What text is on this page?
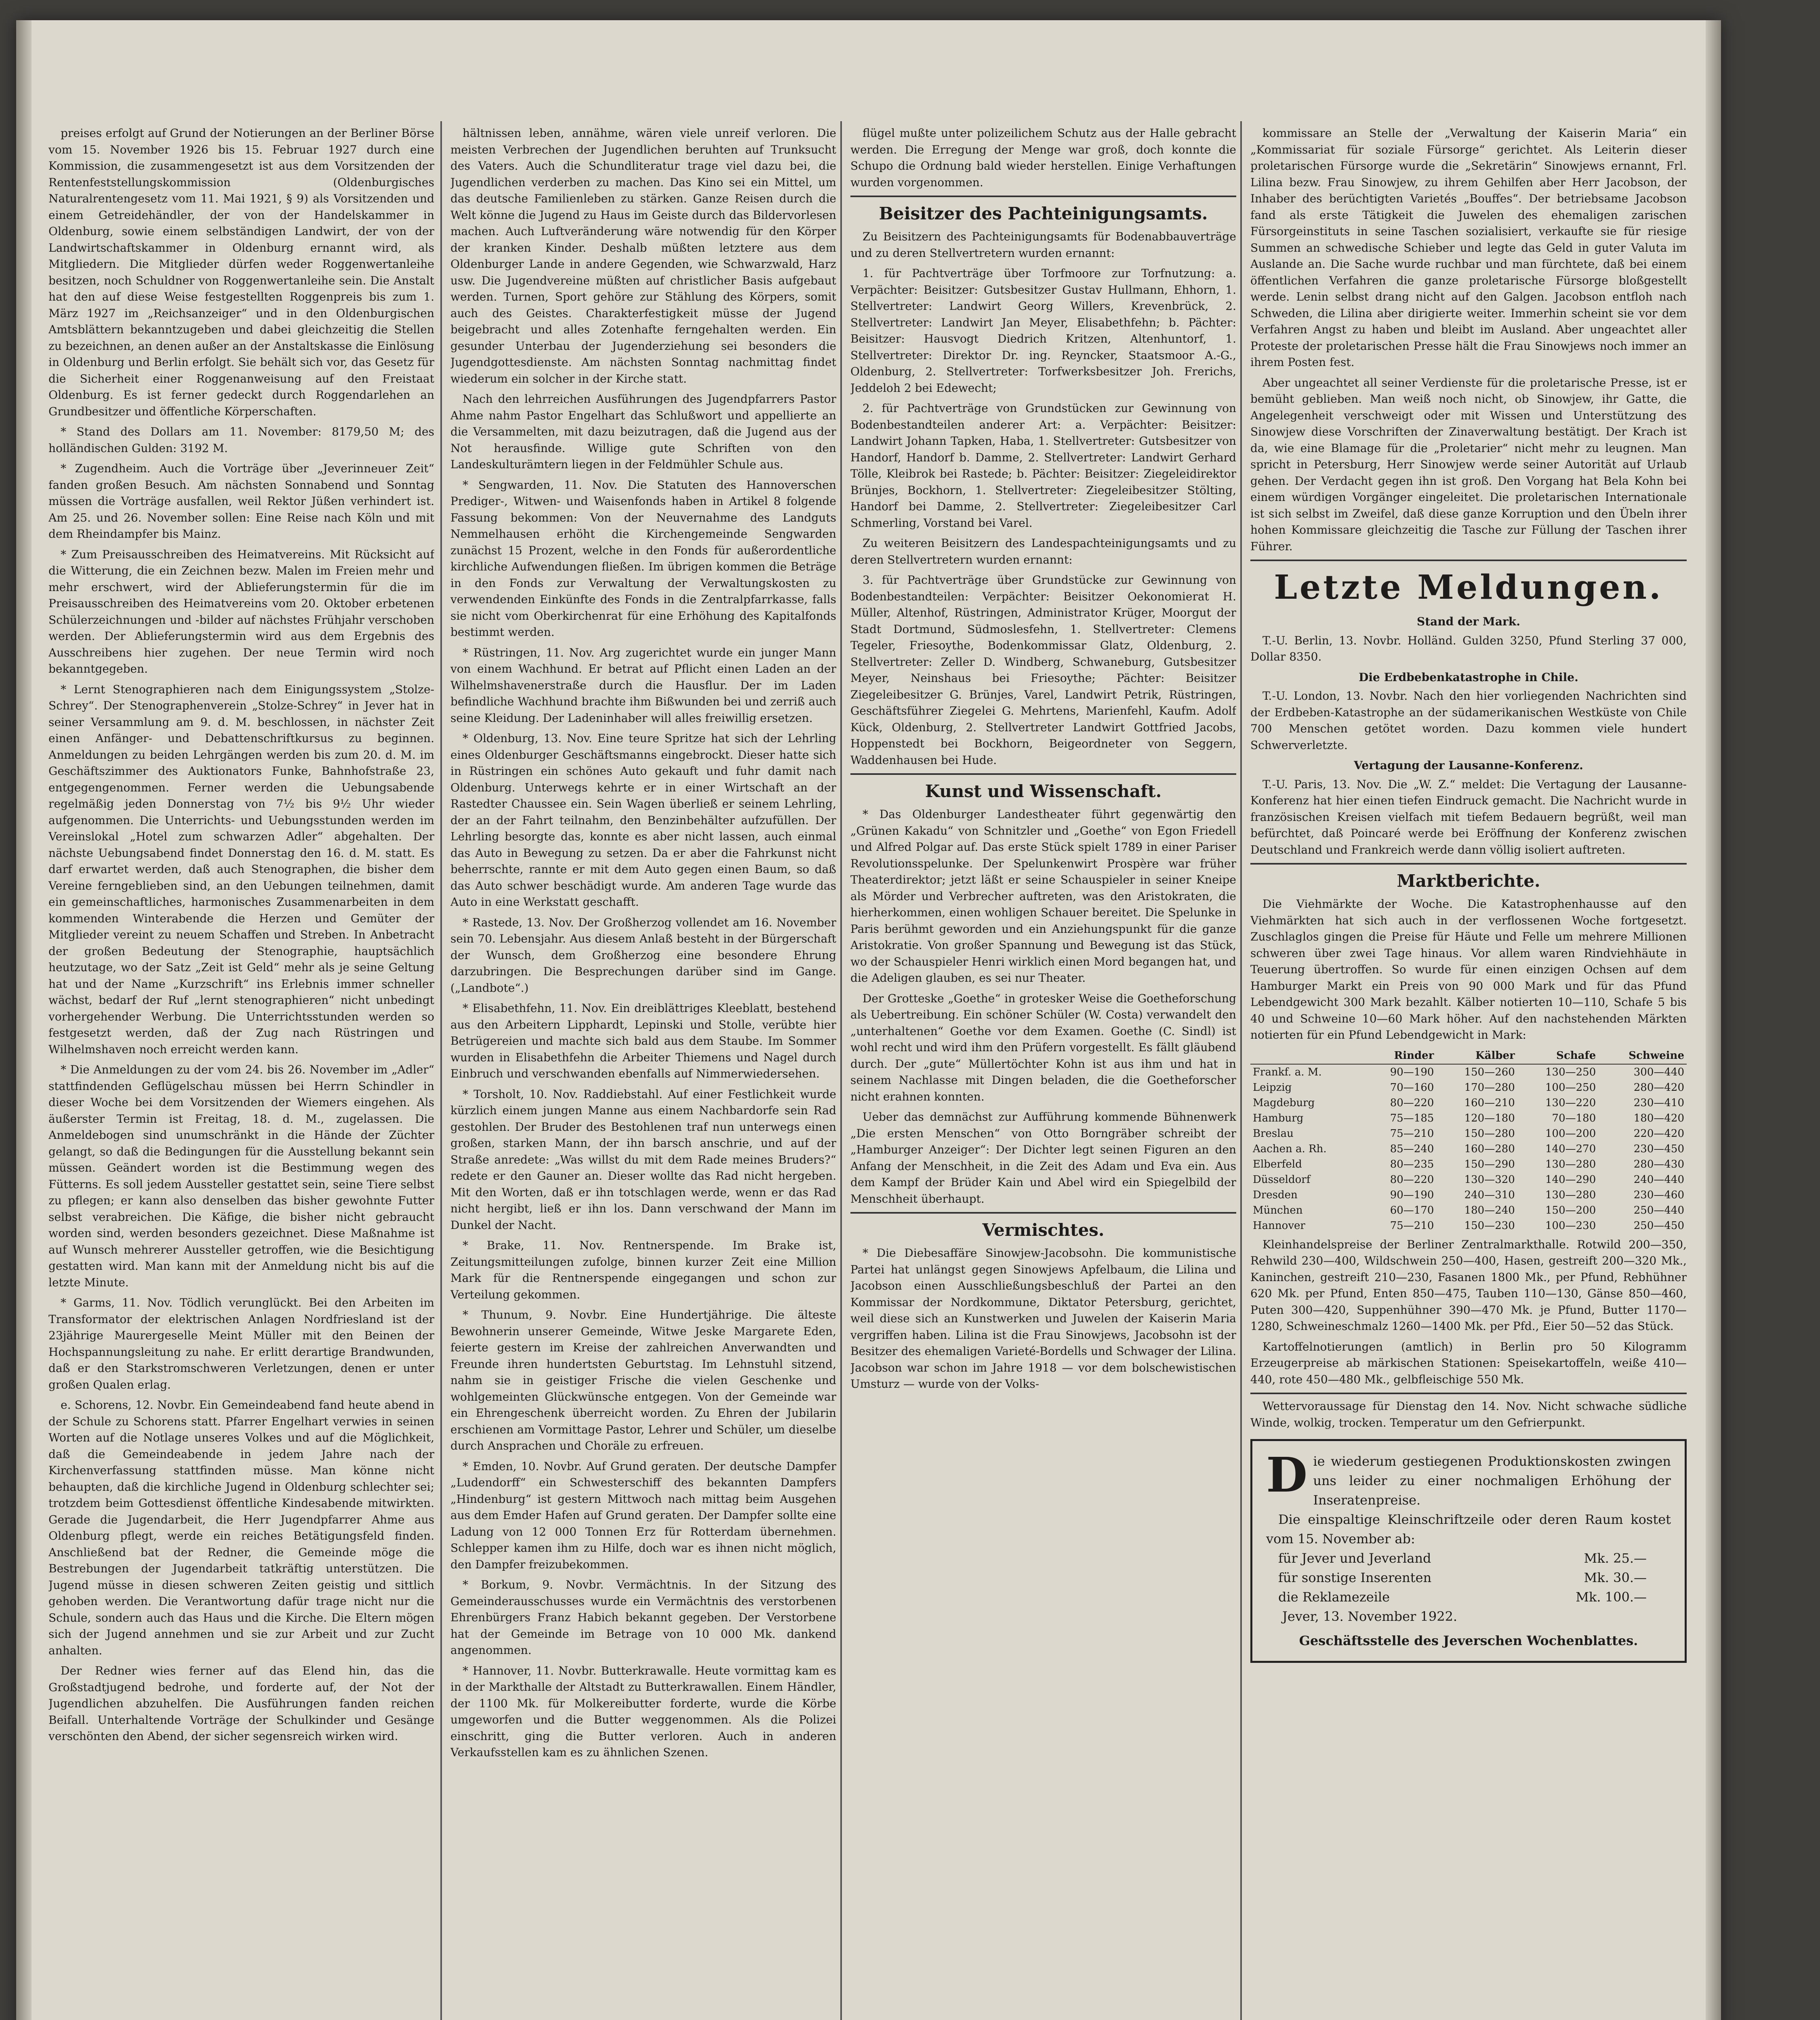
preises erfolgt auf Grund der Notierungen an der Berliner Börse vom 15. November 1926 bis 15. Februar 1927 durch eine Kommission, die zusammengesetzt ist aus dem Vorsitzenden der Rentenfeststellungskommission (Oldenburgisches Naturalrentengesetz vom 11. Mai 1921, § 9) als Vorsitzenden und einem Getreidehändler, der von der Handelskammer in Oldenburg, sowie einem selbständigen Landwirt, der von der Landwirtschaftskammer in Oldenburg ernannt wird, als Mitgliedern. Die Mitglieder dürfen weder Roggenwertanleihe besitzen, noch Schuldner von Roggenwertanleihe sein. Die Anstalt hat den auf diese Weise festgestellten Roggenpreis bis zum 1. März 1927 im „Reichsanzeiger“ und in den Oldenburgischen Amtsblättern bekanntzugeben und dabei gleichzeitig die Stellen zu bezeichnen, an denen außer an der Anstaltskasse die Einlösung in Oldenburg und Berlin erfolgt. Sie behält sich vor, das Gesetz für die Sicherheit einer Roggenanweisung auf den Freistaat Oldenburg. Es ist ferner gedeckt durch Roggendarlehen an Grundbesitzer und öffentliche Körperschaften.

* Stand des Dollars am 11. November: 8179,50 M; des holländischen Gulden: 3192 M.

* Zugendheim. Auch die Vorträge über „Jeverinneuer Zeit“ fanden großen Besuch. Am nächsten Sonnabend und Sonntag müssen die Vorträge ausfallen, weil Rektor Jüßen verhindert ist. Am 25. und 26. November sollen: Eine Reise nach Köln und mit dem Rheindampfer bis Mainz.

* Zum Preisausschreiben des Heimatvereins. Mit Rücksicht auf die Witterung, die ein Zeichnen bezw. Malen im Freien mehr und mehr erschwert, wird der Ablieferungstermin für die im Preisausschreiben des Heimatvereins vom 20. Oktober erbetenen Schülerzeichnungen und -bilder auf nächstes Frühjahr verschoben werden. Der Ablieferungstermin wird aus dem Ergebnis des Ausschreibens hier zugehen. Der neue Termin wird noch bekanntgegeben.

* Lernt Stenographieren nach dem Einigungssystem „Stolze-Schrey“. Der Stenographenverein „Stolze-Schrey“ in Jever hat in seiner Versammlung am 9. d. M. beschlossen, in nächster Zeit einen Anfänger- und Debattenschriftkursus zu beginnen. Anmeldungen zu beiden Lehrgängen werden bis zum 20. d. M. im Geschäftszimmer des Auktionators Funke, Bahnhofstraße 23, entgegengenommen. Ferner werden die Uebungsabende regelmäßig jeden Donnerstag von 7½ bis 9½ Uhr wieder aufgenommen. Die Unterrichts- und Uebungsstunden werden im Vereinslokal „Hotel zum schwarzen Adler“ abgehalten. Der nächste Uebungsabend findet Donnerstag den 16. d. M. statt. Es darf erwartet werden, daß auch Stenographen, die bisher dem Vereine ferngeblieben sind, an den Uebungen teilnehmen, damit ein gemeinschaftliches, harmonisches Zusammenarbeiten in dem kommenden Winterabende die Herzen und Gemüter der Mitglieder vereint zu neuem Schaffen und Streben. In Anbetracht der großen Bedeutung der Stenographie, hauptsächlich heutzutage, wo der Satz „Zeit ist Geld“ mehr als je seine Geltung hat und der Name „Kurzschrift“ ins Erlebnis immer schneller wächst, bedarf der Ruf „lernt stenographieren“ nicht unbedingt vorhergehender Werbung. Die Unterrichtsstunden werden so festgesetzt werden, daß der Zug nach Rüstringen und Wilhelmshaven noch erreicht werden kann.

* Die Anmeldungen zu der vom 24. bis 26. November im „Adler“ stattfindenden Geflügelschau müssen bei Herrn Schindler in dieser Woche bei dem Vorsitzenden der Wiemers eingehen. Als äußerster Termin ist Freitag, 18. d. M., zugelassen. Die Anmeldebogen sind unumschränkt in die Hände der Züchter gelangt, so daß die Bedingungen für die Ausstellung bekannt sein müssen. Geändert worden ist die Bestimmung wegen des Fütterns. Es soll jedem Aussteller gestattet sein, seine Tiere selbst zu pflegen; er kann also denselben das bisher gewohnte Futter selbst verabreichen. Die Käfige, die bisher nicht gebraucht worden sind, werden besonders gezeichnet. Diese Maßnahme ist auf Wunsch mehrerer Aussteller getroffen, wie die Besichtigung gestatten wird. Man kann mit der Anmeldung nicht bis auf die letzte Minute.

* Garms, 11. Nov. Tödlich verunglückt. Bei den Arbeiten im Transformator der elektrischen Anlagen Nordfriesland ist der 23jährige Maurergeselle Meint Müller mit den Beinen der Hochspannungsleitung zu nahe. Er erlitt derartige Brandwunden, daß er den Starkstromschweren Verletzungen, denen er unter großen Qualen erlag.

e. Schorens, 12. Novbr. Ein Gemeindeabend fand heute abend in der Schule zu Schorens statt. Pfarrer Engelhart verwies in seinen Worten auf die Notlage unseres Volkes und auf die Möglichkeit, daß die Gemeindeabende in jedem Jahre nach der Kirchenverfassung stattfinden müsse. Man könne nicht behaupten, daß die kirchliche Jugend in Oldenburg schlechter sei; trotzdem beim Gottesdienst öffentliche Kindesabende mitwirkten. Gerade die Jugendarbeit, die Herr Jugendpfarrer Ahme aus Oldenburg pflegt, werde ein reiches Betätigungsfeld finden. Anschließend bat der Redner, die Gemeinde möge die Bestrebungen der Jugendarbeit tatkräftig unterstützen. Die Jugend müsse in diesen schweren Zeiten geistig und sittlich gehoben werden. Die Verantwortung dafür trage nicht nur die Schule, sondern auch das Haus und die Kirche. Die Eltern mögen sich der Jugend annehmen und sie zur Arbeit und zur Zucht anhalten.

Der Redner wies ferner auf das Elend hin, das die Großstadtjugend bedrohe, und forderte auf, der Not der Jugendlichen abzuhelfen. Die Ausführungen fanden reichen Beifall. Unterhaltende Vorträge der Schulkinder und Gesänge verschönten den Abend, der sicher segensreich wirken wird.

hältnissen leben, annähme, wären viele unreif verloren. Die meisten Verbrechen der Jugendlichen beruhten auf Trunksucht des Vaters. Auch die Schundliteratur trage viel dazu bei, die Jugendlichen verderben zu machen. Das Kino sei ein Mittel, um das deutsche Familienleben zu stärken. Ganze Reisen durch die Welt könne die Jugend zu Haus im Geiste durch das Bildervorlesen machen. Auch Luftveränderung wäre notwendig für den Körper der kranken Kinder. Deshalb müßten letztere aus dem Oldenburger Lande in andere Gegenden, wie Schwarzwald, Harz usw. Die Jugendvereine müßten auf christlicher Basis aufgebaut werden. Turnen, Sport gehöre zur Stählung des Körpers, somit auch des Geistes. Charakterfestigkeit müsse der Jugend beigebracht und alles Zotenhafte ferngehalten werden. Ein gesunder Unterbau der Jugenderziehung sei besonders die Jugendgottesdienste. Am nächsten Sonntag nachmittag findet wiederum ein solcher in der Kirche statt.

Nach den lehrreichen Ausführungen des Jugendpfarrers Pastor Ahme nahm Pastor Engelhart das Schlußwort und appellierte an die Versammelten, mit dazu beizutragen, daß die Jugend aus der Not herausfinde. Willige gute Schriften von den Landeskulturämtern liegen in der Feldmühler Schule aus.

* Sengwarden, 11. Nov. Die Statuten des Hannoverschen Prediger-, Witwen- und Waisenfonds haben in Artikel 8 folgende Fassung bekommen: Von der Neuvernahme des Landguts Nemmelhausen erhöht die Kirchengemeinde Sengwarden zunächst 15 Prozent, welche in den Fonds für außerordentliche kirchliche Aufwendungen fließen. Im übrigen kommen die Beträge in den Fonds zur Verwaltung der Verwaltungskosten zu verwendenden Einkünfte des Fonds in die Zentralpfarrkasse, falls sie nicht vom Oberkirchenrat für eine Erhöhung des Kapitalfonds bestimmt werden.

* Rüstringen, 11. Nov. Arg zugerichtet wurde ein junger Mann von einem Wachhund. Er betrat auf Pflicht einen Laden an der Wilhelmshavenerstraße durch die Hausflur. Der im Laden befindliche Wachhund brachte ihm Bißwunden bei und zerriß auch seine Kleidung. Der Ladeninhaber will alles freiwillig ersetzen.

* Oldenburg, 13. Nov. Eine teure Spritze hat sich der Lehrling eines Oldenburger Geschäftsmanns eingebrockt. Dieser hatte sich in Rüstringen ein schönes Auto gekauft und fuhr damit nach Oldenburg. Unterwegs kehrte er in einer Wirtschaft an der Rastedter Chaussee ein. Sein Wagen überließ er seinem Lehrling, der an der Fahrt teilnahm, den Benzinbehälter aufzufüllen. Der Lehrling besorgte das, konnte es aber nicht lassen, auch einmal das Auto in Bewegung zu setzen. Da er aber die Fahrkunst nicht beherrschte, rannte er mit dem Auto gegen einen Baum, so daß das Auto schwer beschädigt wurde. Am anderen Tage wurde das Auto in eine Werkstatt geschafft.

* Rastede, 13. Nov. Der Großherzog vollendet am 16. November sein 70. Lebensjahr. Aus diesem Anlaß besteht in der Bürgerschaft der Wunsch, dem Großherzog eine besondere Ehrung darzubringen. Die Besprechungen darüber sind im Gange. („Landbote“.)

* Elisabethfehn, 11. Nov. Ein dreiblättriges Kleeblatt, bestehend aus den Arbeitern Lipphardt, Lepinski und Stolle, verübte hier Betrügereien und machte sich bald aus dem Staube. Im Sommer wurden in Elisabethfehn die Arbeiter Thiemens und Nagel durch Einbruch und verschwanden ebenfalls auf Nimmerwiedersehen.

* Torsholt, 10. Nov. Raddiebstahl. Auf einer Festlichkeit wurde kürzlich einem jungen Manne aus einem Nachbardorfe sein Rad gestohlen. Der Bruder des Bestohlenen traf nun unterwegs einen großen, starken Mann, der ihn barsch anschrie, und auf der Straße anredete: „Was willst du mit dem Rade meines Bruders?“ redete er den Gauner an. Dieser wollte das Rad nicht hergeben. Mit den Worten, daß er ihn totschlagen werde, wenn er das Rad nicht hergibt, ließ er ihn los. Dann verschwand der Mann im Dunkel der Nacht.

* Brake, 11. Nov. Rentnerspende. Im Brake ist, Zeitungsmitteilungen zufolge, binnen kurzer Zeit eine Million Mark für die Rentnerspende eingegangen und schon zur Verteilung gekommen.

* Thunum, 9. Novbr. Eine Hundertjährige. Die älteste Bewohnerin unserer Gemeinde, Witwe Jeske Margarete Eden, feierte gestern im Kreise der zahlreichen Anverwandten und Freunde ihren hundertsten Geburtstag. Im Lehnstuhl sitzend, nahm sie in geistiger Frische die vielen Geschenke und wohlgemeinten Glückwünsche entgegen. Von der Gemeinde war ein Ehrengeschenk überreicht worden. Zu Ehren der Jubilarin erschienen am Vormittage Pastor, Lehrer und Schüler, um dieselbe durch Ansprachen und Choräle zu erfreuen.

* Emden, 10. Novbr. Auf Grund geraten. Der deutsche Dampfer „Ludendorff“ ein Schwesterschiff des bekannten Dampfers „Hindenburg“ ist gestern Mittwoch nach mittag beim Ausgehen aus dem Emder Hafen auf Grund geraten. Der Dampfer sollte eine Ladung von 12 000 Tonnen Erz für Rotterdam übernehmen. Schlepper kamen ihm zu Hilfe, doch war es ihnen nicht möglich, den Dampfer freizubekommen.

* Borkum, 9. Novbr. Vermächtnis. In der Sitzung des Gemeinderausschusses wurde ein Vermächtnis des verstorbenen Ehrenbürgers Franz Habich bekannt gegeben. Der Verstorbene hat der Gemeinde im Betrage von 10 000 Mk. dankend angenommen.

* Hannover, 11. Novbr. Butterkrawalle. Heute vormittag kam es in der Markthalle der Altstadt zu Butterkrawallen. Einem Händler, der 1100 Mk. für Molkereibutter forderte, wurde die Körbe umgeworfen und die Butter weggenommen. Als die Polizei einschritt, ging die Butter verloren. Auch in anderen Verkaufsstellen kam es zu ähnlichen Szenen.

flügel mußte unter polizeilichem Schutz aus der Halle gebracht werden. Die Erregung der Menge war groß, doch konnte die Schupo die Ordnung bald wieder herstellen. Einige Verhaftungen wurden vorgenommen.

Beisitzer des Pachteinigungsamts.

Zu Beisitzern des Pachteinigungsamts für Bodenabbauverträge und zu deren Stellvertretern wurden ernannt:

1. für Pachtverträge über Torfmoore zur Torfnutzung: a. Verpächter: Beisitzer: Gutsbesitzer Gustav Hullmann, Ehhorn, 1. Stellvertreter: Landwirt Georg Willers, Krevenbrück, 2. Stellvertreter: Landwirt Jan Meyer, Elisabethfehn; b. Pächter: Beisitzer: Hausvogt Diedrich Kritzen, Altenhuntorf, 1. Stellvertreter: Direktor Dr. ing. Reyncker, Staatsmoor A.-G., Oldenburg, 2. Stellvertreter: Torfwerksbesitzer Joh. Frerichs, Jeddeloh 2 bei Edewecht;

2. für Pachtverträge von Grundstücken zur Gewinnung von Bodenbestandteilen anderer Art: a. Verpächter: Beisitzer: Landwirt Johann Tapken, Haba, 1. Stellvertreter: Gutsbesitzer von Handorf, Handorf b. Damme, 2. Stellvertreter: Landwirt Gerhard Tölle, Kleibrok bei Rastede; b. Pächter: Beisitzer: Ziegeleidirektor Brünjes, Bockhorn, 1. Stellvertreter: Ziegeleibesitzer Stölting, Handorf bei Damme, 2. Stellvertreter: Ziegeleibesitzer Carl Schmerling, Vorstand bei Varel.

Zu weiteren Beisitzern des Landespachteinigungsamts und zu deren Stellvertretern wurden ernannt:

3. für Pachtverträge über Grundstücke zur Gewinnung von Bodenbestandteilen: Verpächter: Beisitzer Oekonomierat H. Müller, Altenhof, Rüstringen, Administrator Krüger, Moorgut der Stadt Dortmund, Südmoslesfehn, 1. Stellvertreter: Clemens Tegeler, Friesoythe, Bodenkommissar Glatz, Oldenburg, 2. Stellvertreter: Zeller D. Windberg, Schwaneburg, Gutsbesitzer Meyer, Neinshaus bei Friesoythe; Pächter: Beisitzer Ziegeleibesitzer G. Brünjes, Varel, Landwirt Petrik, Rüstringen, Geschäftsführer Ziegelei G. Mehrtens, Marienfehl, Kaufm. Adolf Kück, Oldenburg, 2. Stellvertreter Landwirt Gottfried Jacobs, Hoppenstedt bei Bockhorn, Beigeordneter von Seggern, Waddenhausen bei Hude.

Kunst und Wissenschaft.

* Das Oldenburger Landestheater führt gegenwärtig den „Grünen Kakadu“ von Schnitzler und „Goethe“ von Egon Friedell und Alfred Polgar auf. Das erste Stück spielt 1789 in einer Pariser Revolutionsspelunke. Der Spelunkenwirt Prospère war früher Theaterdirektor; jetzt läßt er seine Schauspieler in seiner Kneipe als Mörder und Verbrecher auftreten, was den Aristokraten, die hierherkommen, einen wohligen Schauer bereitet. Die Spelunke in Paris berühmt geworden und ein Anziehungspunkt für die ganze Aristokratie. Von großer Spannung und Bewegung ist das Stück, wo der Schauspieler Henri wirklich einen Mord begangen hat, und die Adeligen glauben, es sei nur Theater.

Der Grotteske „Goethe“ in grotesker Weise die Goetheforschung als Uebertreibung. Ein schöner Schüler (W. Costa) verwandelt den „unterhaltenen“ Goethe vor dem Examen. Goethe (C. Sindl) ist wohl recht und wird ihm den Prüfern vorgestellt. Es fällt gläubend durch. Der „gute“ Müllertöchter Kohn ist aus ihm und hat in seinem Nachlasse mit Dingen beladen, die die Goetheforscher nicht erahnen konnten.

Ueber das demnächst zur Aufführung kommende Bühnenwerk „Die ersten Menschen“ von Otto Borngräber schreibt der „Hamburger Anzeiger“: Der Dichter legt seinen Figuren an den Anfang der Menschheit, in die Zeit des Adam und Eva ein. Aus dem Kampf der Brüder Kain und Abel wird ein Spiegelbild der Menschheit überhaupt.

Vermischtes.

* Die Diebesaffäre Sinowjew-Jacobsohn. Die kommunistische Partei hat unlängst gegen Sinowjews Apfelbaum, die Lilina und Jacobson einen Ausschließungsbeschluß der Partei an den Kommissar der Nordkommune, Diktator Petersburg, gerichtet, weil diese sich an Kunstwerken und Juwelen der Kaiserin Maria vergriffen haben. Lilina ist die Frau Sinowjews, Jacobsohn ist der Besitzer des ehemaligen Varieté-Bordells und Schwager der Lilina. Jacobson war schon im Jahre 1918 — vor dem bolschewistischen Umsturz — wurde von der Volks-

kommissare an Stelle der „Verwaltung der Kaiserin Maria“ ein „Kommissariat für soziale Fürsorge“ gerichtet. Als Leiterin dieser proletarischen Fürsorge wurde die „Sekretärin“ Sinowjews ernannt, Frl. Lilina bezw. Frau Sinowjew, zu ihrem Gehilfen aber Herr Jacobson, der Inhaber des berüchtigten Varietés „Bouffes“. Der betriebsame Jacobson fand als erste Tätigkeit die Juwelen des ehemaligen zarischen Fürsorgeinstituts in seine Taschen sozialisiert, verkaufte sie für riesige Summen an schwedische Schieber und legte das Geld in guter Valuta im Auslande an. Die Sache wurde ruchbar und man fürchtete, daß bei einem öffentlichen Verfahren die ganze proletarische Fürsorge bloßgestellt werde. Lenin selbst drang nicht auf den Galgen. Jacobson entfloh nach Schweden, die Lilina aber dirigierte weiter. Immerhin scheint sie vor dem Verfahren Angst zu haben und bleibt im Ausland. Aber ungeachtet aller Proteste der proletarischen Presse hält die Frau Sinowjews noch immer an ihrem Posten fest.

Aber ungeachtet all seiner Verdienste für die proletarische Presse, ist er bemüht geblieben. Man weiß noch nicht, ob Sinowjew, ihr Gatte, die Angelegenheit verschweigt oder mit Wissen und Unterstützung des Sinowjew diese Vorschriften der Zinaverwaltung bestätigt. Der Krach ist da, wie eine Blamage für die „Proletarier“ nicht mehr zu leugnen. Man spricht in Petersburg, Herr Sinowjew werde seiner Autorität auf Urlaub gehen. Der Verdacht gegen ihn ist groß. Den Vorgang hat Bela Kohn bei einem würdigen Vorgänger eingeleitet. Die proletarischen Internationale ist sich selbst im Zweifel, daß diese ganze Korruption und den Übeln ihrer hohen Kommissare gleichzeitig die Tasche zur Füllung der Taschen ihrer Führer.

Letzte Meldungen.
Stand der Mark.

T.-U. Berlin, 13. Novbr. Holländ. Gulden 3250, Pfund Sterling 37 000, Dollar 8350.

Die Erdbebenkatastrophe in Chile.

T.-U. London, 13. Novbr. Nach den hier vorliegenden Nachrichten sind der Erdbeben-Katastrophe an der südamerikanischen Westküste von Chile 700 Menschen getötet worden. Dazu kommen viele hundert Schwerverletzte.

Vertagung der Lausanne-Konferenz.

T.-U. Paris, 13. Nov. Die „W. Z.“ meldet: Die Vertagung der Lausanne-Konferenz hat hier einen tiefen Eindruck gemacht. Die Nachricht wurde in französischen Kreisen vielfach mit tiefem Bedauern begrüßt, weil man befürchtet, daß Poincaré werde bei Eröffnung der Konferenz zwischen Deutschland und Frankreich werde dann völlig isoliert auftreten.

Marktberichte.

Die Viehmärkte der Woche. Die Katastrophenhausse auf den Viehmärkten hat sich auch in der verflossenen Woche fortgesetzt. Zuschlaglos gingen die Preise für Häute und Felle um mehrere Millionen schweren über zwei Tage hinaus. Vor allem waren Rindviehhäute in Teuerung übertroffen. So wurde für einen einzigen Ochsen auf dem Hamburger Markt ein Preis von 90 000 Mark und für das Pfund Lebendgewicht 300 Mark bezahlt. Kälber notierten 10—110, Schafe 5 bis 40 und Schweine 10—60 Mark höher. Auf den nachstehenden Märkten notierten für ein Pfund Lebendgewicht in Mark:

	Rinder	Kälber	Schafe	Schweine
Frankf. a. M.	90—190	150—260	130—250	300—440
Leipzig	70—160	170—280	100—250	280—420
Magdeburg	80—220	160—210	130—220	230—410
Hamburg	75—185	120—180	70—180	180—420
Breslau	75—210	150—280	100—200	220—420
Aachen a. Rh.	85—240	160—280	140—270	230—450
Elberfeld	80—235	150—290	130—280	280—430
Düsseldorf	80—220	130—320	140—290	240—440
Dresden	90—190	240—310	130—280	230—460
München	60—170	180—240	150—200	250—440
Hannover	75—210	150—230	100—230	250—450

Kleinhandelspreise der Berliner Zentralmarkthalle. Rotwild 200—350, Rehwild 230—400, Wildschwein 250—400, Hasen, gestreift 200—320 Mk., Kaninchen, gestreift 210—230, Fasanen 1800 Mk., per Pfund, Rebhühner 620 Mk. per Pfund, Enten 850—475, Tauben 110—130, Gänse 850—460, Puten 300—420, Suppenhühner 390—470 Mk. je Pfund, Butter 1170—1280, Schweineschmalz 1260—1400 Mk. per Pfd., Eier 50—52 das Stück.

Kartoffelnotierungen (amtlich) in Berlin pro 50 Kilogramm Erzeugerpreise ab märkischen Stationen: Speisekartoffeln, weiße 410—440, rote 450—480 Mk., gelbfleischige 550 Mk.

Wettervoraussage für Dienstag den 14. Nov. Nicht schwache südliche Winde, wolkig, trocken. Temperatur um den Gefrierpunkt.

D ie wiederum gestiegenen Produktionskosten zwingen uns leider zu einer nochmaligen Erhöhung der Inseratenpreise.
Die einspaltige Kleinschriftzeile oder deren Raum kostet vom 15. November ab:
für Jever und Jeverland	Mk. 25.—
für sonstige Inserenten	Mk. 30.—
die Reklamezeile	Mk. 100.—
Jever, 13. November 1922.
Geschäftsstelle des Jeverschen Wochenblattes.
